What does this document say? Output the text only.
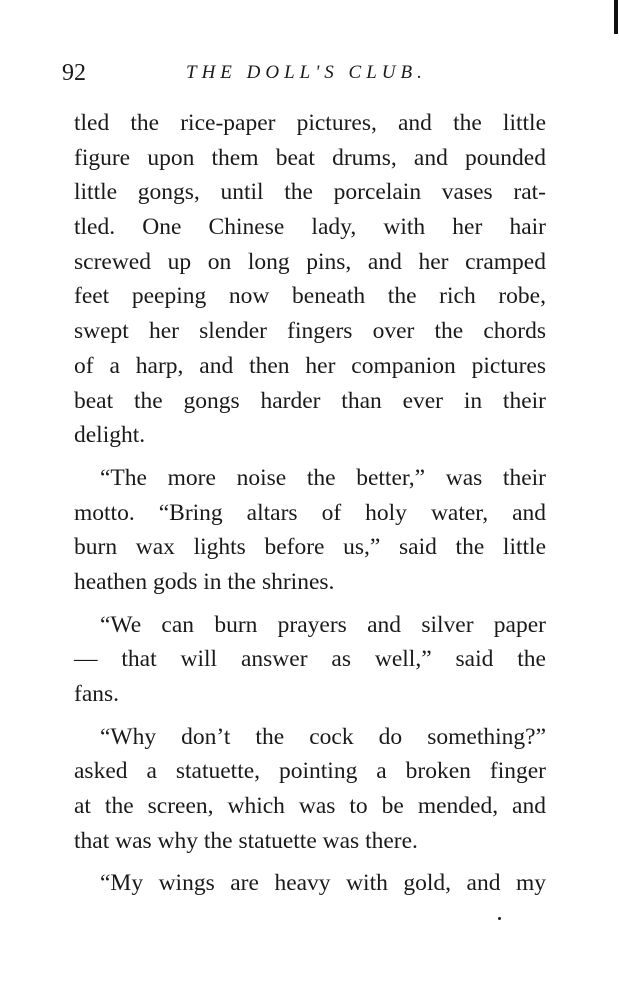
92	THE DOLL'S CLUB.
tled the rice-paper pictures, and the little
figure upon them beat drums, and pounded
little gongs, until the porcelain vases rat-
tled. One Chinese lady, with her hair
screwed up on long pins, and her cramped
feet peeping now beneath the rich robe,
swept her slender fingers over the chords
of a harp, and then her companion pictures
beat the gongs harder than ever in their
delight.
“The more noise the better,” was their
motto. “Bring altars of holy water, and
burn wax lights before us,” said the little
heathen gods in the shrines.
“We can burn prayers and silver paper
— that will answer as well,” said the
fans.
“Why don’t the cock do something?”
asked a statuette, pointing a broken finger
at the screen, which was to be mended, and
that was why the statuette was there.
“My wings are heavy with gold, and my
